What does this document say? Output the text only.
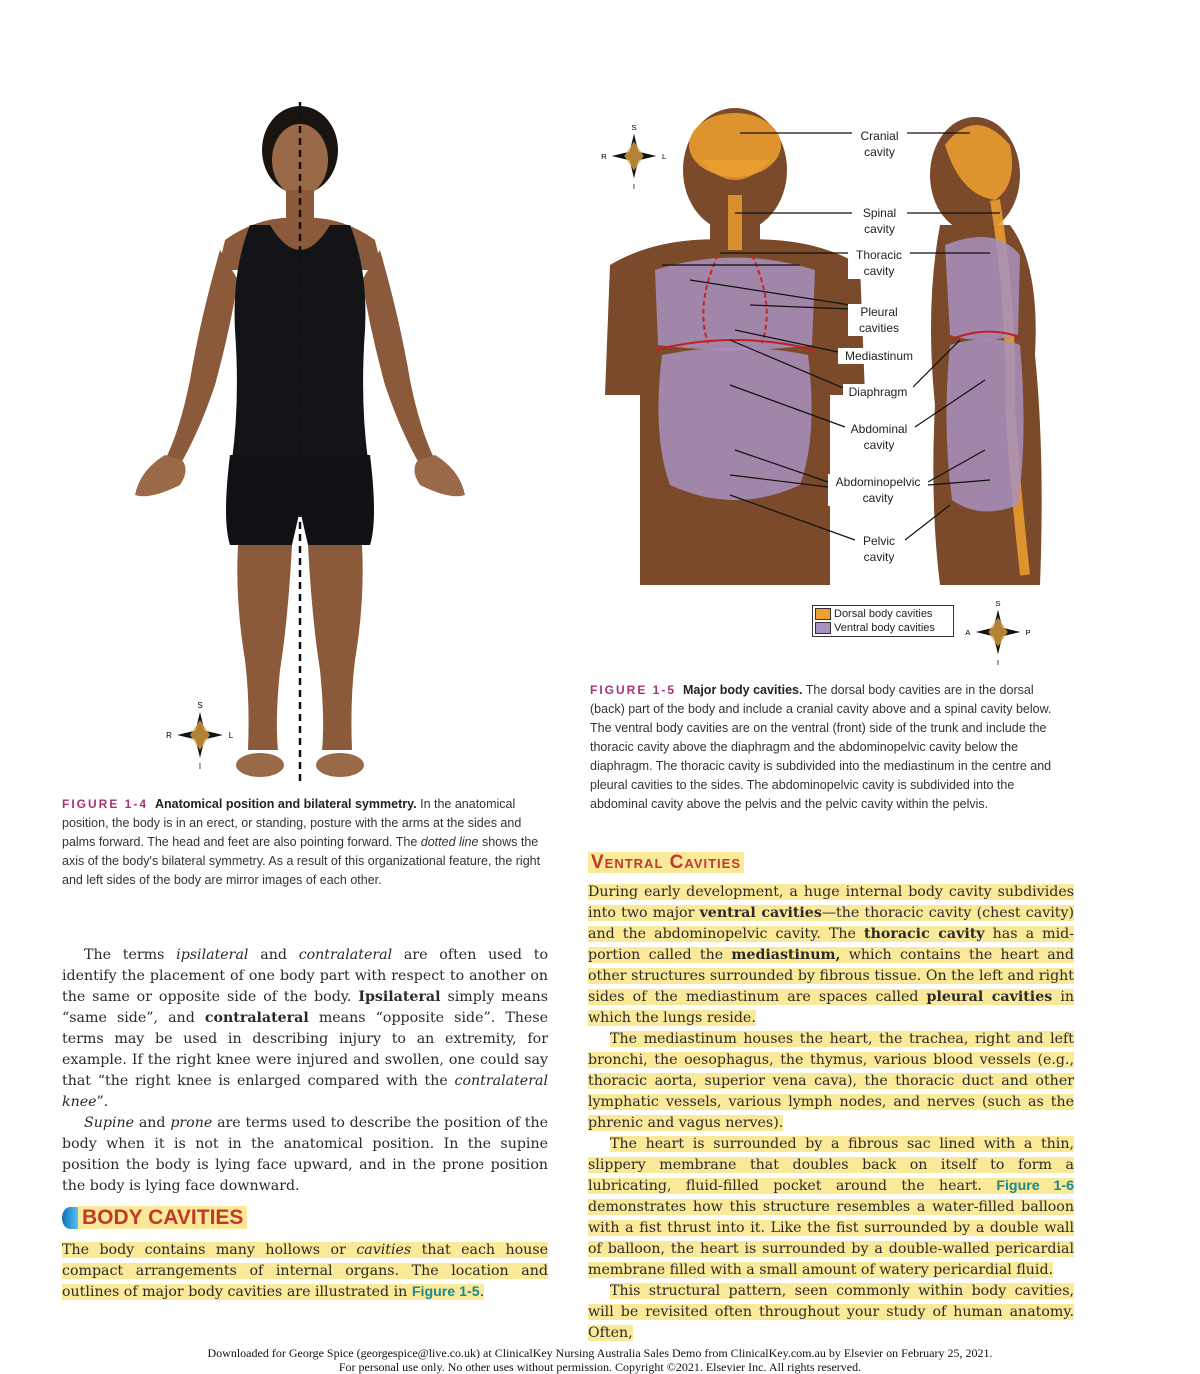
S
I
R	L
FIGURE 1-4 Anatomical position and bilateral symmetry. In the anatomical position, the body is in an erect, or standing, posture with the arms at the sides and palms forward. The head and feet are also pointing forward. The dotted line shows the axis of the body's bilateral symmetry. As a result of this organizational feature, the right and left sides of the body are mirror images of each other.
Cranial
cavity
Spinal
cavity
Thoracic
cavity
Pleural
cavities
Mediastinum
Diaphragm
Abdominal
cavity
Abdominopelvic
cavity
Pelvic
cavity
S
I
R	L
Dorsal body cavities
Ventral body cavities
S
I
A	P
FIGURE 1-5 Major body cavities. The dorsal body cavities are in the dorsal (back) part of the body and include a cranial cavity above and a spinal cavity below. The ventral body cavities are on the ventral (front) side of the trunk and include the thoracic cavity above the diaphragm and the abdominopelvic cavity below the diaphragm. The thoracic cavity is subdivided into the mediastinum in the centre and pleural cavities to the sides. The abdominopelvic cavity is subdivided into the abdominal cavity above the pelvis and the pelvic cavity within the pelvis.

The terms ipsilateral and contralateral are often used to identify the placement of one body part with respect to another on the same or opposite side of the body. Ipsilateral simply means “same side”, and contralateral means “opposite side”. These terms may be used in describing injury to an extremity, for example. If the right knee were injured and swollen, one could say that “the right knee is enlarged compared with the contralateral knee”.

Supine and prone are terms used to describe the position of the body when it is not in the anatomical position. In the supine position the body is lying face upward, and in the prone position the body is lying face downward.

BODY CAVITIES

The body contains many hollows or cavities that each house compact arrangements of internal organs. The location and outlines of major body cavities are illustrated in Figure 1-5.

Ventral Cavities

During early development, a huge internal body cavity subdivides into two major ventral cavities—the thoracic cavity (chest cavity) and the abdominopelvic cavity. The thoracic cavity has a mid-portion called the mediastinum, which contains the heart and other structures surrounded by fibrous tissue. On the left and right sides of the mediastinum are spaces called pleural cavities in which the lungs reside.

The mediastinum houses the heart, the trachea, right and left bronchi, the oesophagus, the thymus, various blood vessels (e.g., thoracic aorta, superior vena cava), the thoracic duct and other lymphatic vessels, various lymph nodes, and nerves (such as the phrenic and vagus nerves).

The heart is surrounded by a fibrous sac lined with a thin, slippery membrane that doubles back on itself to form a lubricating, fluid-filled pocket around the heart. Figure 1-6 demonstrates how this structure resembles a water-filled balloon with a fist thrust into it. Like the fist surrounded by a double wall of balloon, the heart is surrounded by a double-walled pericardial membrane filled with a small amount of watery pericardial fluid.

This structural pattern, seen commonly within body cavities, will be revisited often throughout your study of human anatomy. Often,

Downloaded for George Spice (georgespice@live.co.uk) at ClinicalKey Nursing Australia Sales Demo from ClinicalKey.com.au by Elsevier on February 25, 2021.
For personal use only. No other uses without permission. Copyright ©2021. Elsevier Inc. All rights reserved.
